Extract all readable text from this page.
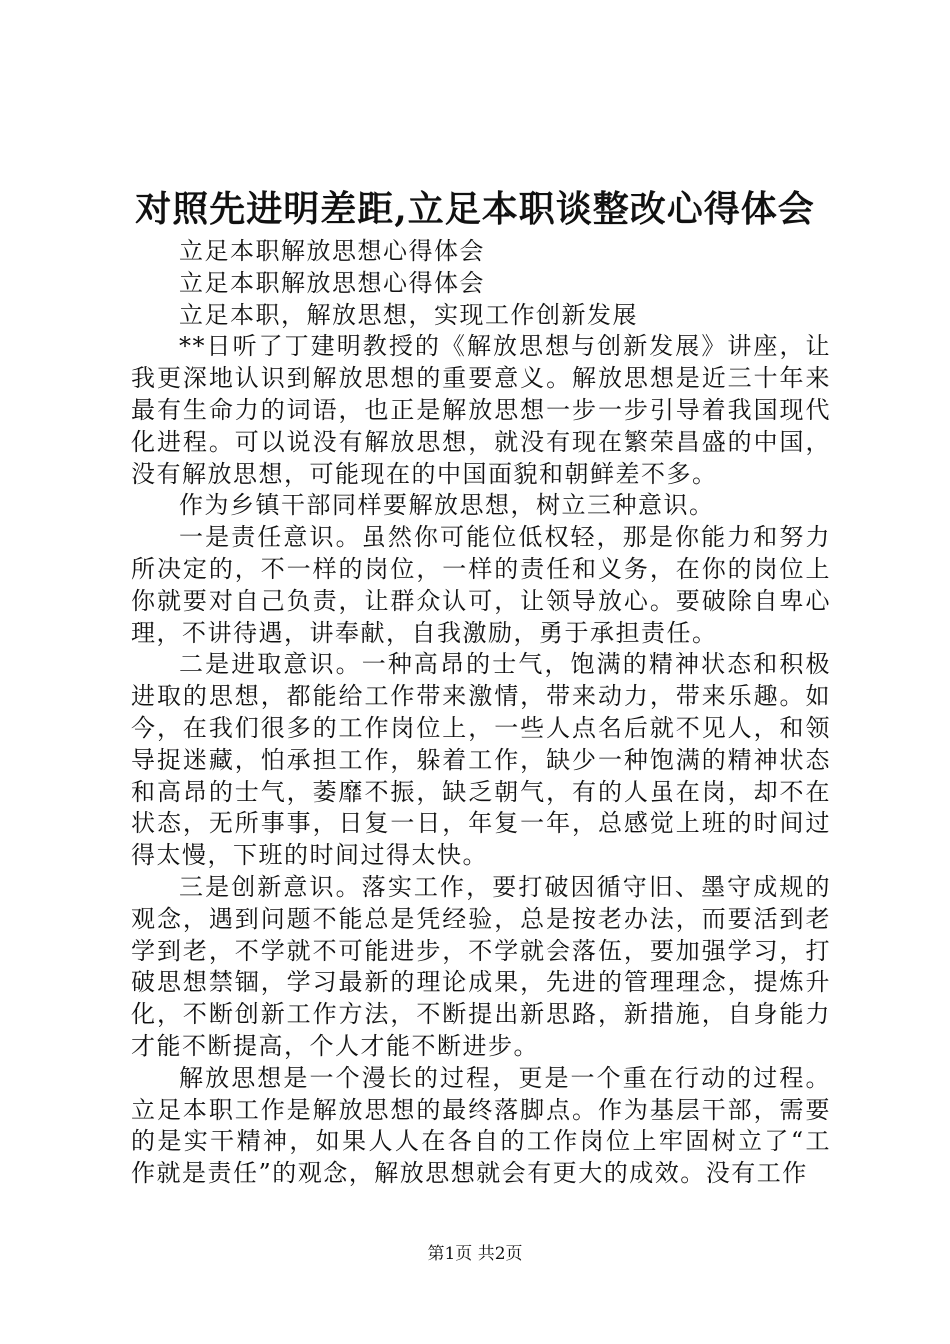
对照先进明差距,立足本职谈整改心得体会

立足本职解放思想心得体会

立足本职解放思想心得体会

立足本职，解放思想，实现工作创新发展

**日听了丁建明教授的《解放思想与创新发展》讲座，让我更深地认识到解放思想的重要意义。解放思想是近三十年来最有生命力的词语，也正是解放思想一步一步引导着我国现代化进程。可以说没有解放思想，就没有现在繁荣昌盛的中国，没有解放思想，可能现在的中国面貌和朝鲜差不多。

作为乡镇干部同样要解放思想，树立三种意识。

一是责任意识。虽然你可能位低权轻，那是你能力和努力所决定的，不一样的岗位，一样的责任和义务，在你的岗位上你就要对自己负责，让群众认可，让领导放心。要破除自卑心理，不讲待遇，讲奉献，自我激励，勇于承担责任。

二是进取意识。一种高昂的士气，饱满的精神状态和积极进取的思想，都能给工作带来激情，带来动力，带来乐趣。如今，在我们很多的工作岗位上，一些人点名后就不见人，和领导捉迷藏，怕承担工作，躲着工作，缺少一种饱满的精神状态和高昂的士气，萎靡不振，缺乏朝气，有的人虽在岗，却不在状态，无所事事，日复一日，年复一年，总感觉上班的时间过得太慢，下班的时间过得太快。

三是创新意识。落实工作，要打破因循守旧、墨守成规的观念，遇到问题不能总是凭经验，总是按老办法，而要活到老学到老，不学就不可能进步，不学就会落伍，要加强学习，打破思想禁锢，学习最新的理论成果，先进的管理理念，提炼升化，不断创新工作方法，不断提出新思路，新措施，自身能力才能不断提高，个人才能不断进步。

解放思想是一个漫长的过程，更是一个重在行动的过程。立足本职工作是解放思想的最终落脚点。作为基层干部，需要的是实干精神，如果人人在各自的工作岗位上牢固树立了“工作就是责任”的观念，解放思想就会有更大的成效。没有工作

第1页 共2页
